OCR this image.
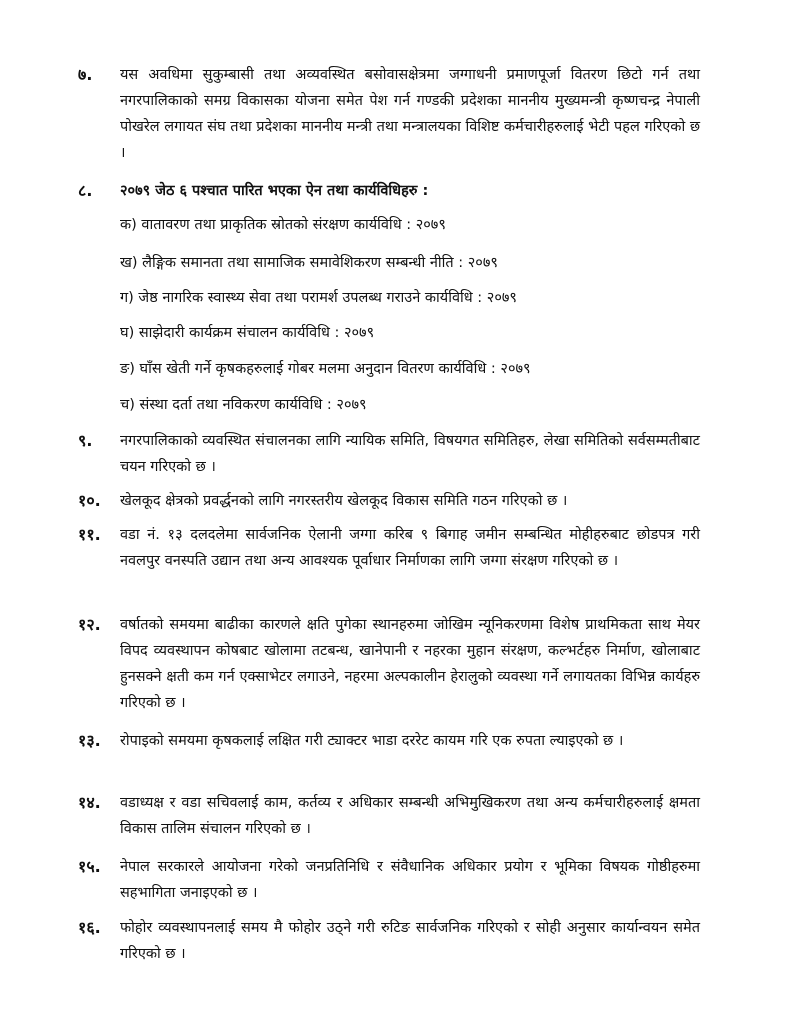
७. यस अवधिमा सुकुम्बासी तथा अव्यवस्थित बसोवासक्षेत्रमा जग्गाधनी प्रमाणपूर्जा वितरण छिटो गर्न तथा नगरपालिकाको समग्र विकासका योजना समेत पेश गर्न गण्डकी प्रदेशका माननीय मुख्यमन्त्री कृष्णचन्द्र नेपाली पोखरेल लगायत संघ तथा प्रदेशका माननीय मन्त्री तथा मन्त्रालयका विशिष्ट कर्मचारीहरुलाई भेटी पहल गरिएको छ ।
८. २०७९ जेठ ६ पश्चात पारित भएका ऐन तथा कार्यविधिहरु :
क) वातावरण तथा प्राकृतिक स्रोतको संरक्षण कार्यविधि : २०७९
ख) लैङ्गिक समानता तथा सामाजिक समावेशिकरण सम्बन्धी नीति : २०७९
ग) जेष्ठ नागरिक स्वास्थ्य सेवा तथा परामर्श उपलब्ध गराउने कार्यविधि : २०७९
घ) साझेदारी कार्यक्रम संचालन कार्यविधि : २०७९
ङ) घाँस खेती गर्ने कृषकहरुलाई गोबर मलमा अनुदान वितरण कार्यविधि : २०७९
च) संस्था दर्ता तथा नविकरण कार्यविधि : २०७९
९. नगरपालिकाको व्यवस्थित संचालनका लागि न्यायिक समिति, विषयगत समितिहरु, लेखा समितिको सर्वसम्मतीबाट चयन गरिएको छ ।
१०. खेलकूद क्षेत्रको प्रवर्द्धनको लागि नगरस्तरीय खेलकूद विकास समिति गठन गरिएको छ ।
११. वडा नं. १३ दलदलेमा सार्वजनिक ऐलानी जग्गा करिब ९ बिगाह जमीन सम्बन्धित मोहीहरुबाट छोडपत्र गरी नवलपुर वनस्पति उद्यान तथा अन्य आवश्यक पूर्वाधार निर्माणका लागि जग्गा संरक्षण गरिएको छ ।
१२. वर्षातको समयमा बाढीका कारणले क्षति पुगेका स्थानहरुमा जोखिम न्यूनिकरणमा विशेष प्राथमिकता साथ मेयर विपद व्यवस्थापन कोषबाट खोलामा तटबन्ध, खानेपानी र नहरका मुहान संरक्षण, कल्भर्टहरु निर्माण, खोलाबाट हुनसक्ने क्षती कम गर्न एक्साभेटर लगाउने, नहरमा अल्पकालीन हेरालुको व्यवस्था गर्ने लगायतका विभिन्न कार्यहरु गरिएको छ ।
१३. रोपाइको समयमा कृषकलाई लक्षित गरी ट्याक्टर भाडा दररेट कायम गरि एक रुपता ल्याइएको छ ।
१४. वडाध्यक्ष र वडा सचिवलाई काम, कर्तव्य र अधिकार सम्बन्धी अभिमुखिकरण तथा अन्य कर्मचारीहरुलाई क्षमता विकास तालिम संचालन गरिएको छ ।
१५. नेपाल सरकारले आयोजना गरेको जनप्रतिनिधि र संवैधानिक अधिकार प्रयोग र भूमिका विषयक गोष्ठीहरुमा सहभागिता जनाइएको छ ।
१६. फोहोर व्यवस्थापनलाई समय मै फोहोर उठ्ने गरी रुटिङ सार्वजनिक गरिएको र सोही अनुसार कार्यान्वयन समेत गरिएको छ ।
